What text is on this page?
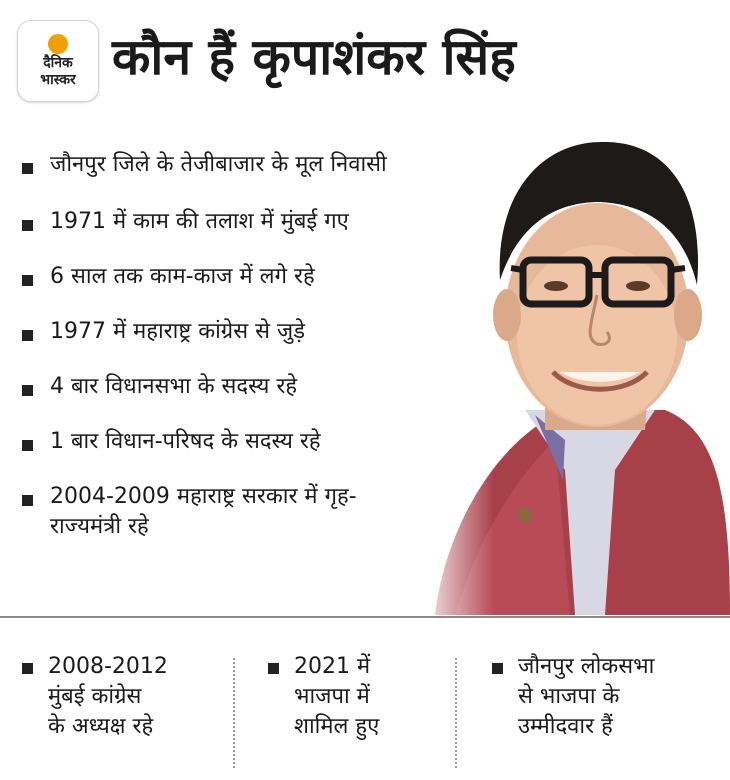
दैनिक
भास्कर कौन हैं कृपाशंकर सिंह
जौनपुर जिले के तेजीबाजार के मूल निवासी
1971 में काम की तलाश में मुंबई गए
6 साल तक काम-काज में लगे रहे
1977 में महाराष्ट्र कांग्रेस से जुड़े
4 बार विधानसभा के सदस्य रहे
1 बार विधान-परिषद के सदस्य रहे
2004-2009 महाराष्ट्र सरकार में गृह-राज्यमंत्री रहे
2008-2012
मुंबई कांग्रेस
के अध्यक्ष रहे
2021 में
भाजपा में
शामिल हुए
जौनपुर लोकसभा
से भाजपा के
उम्मीदवार हैं
